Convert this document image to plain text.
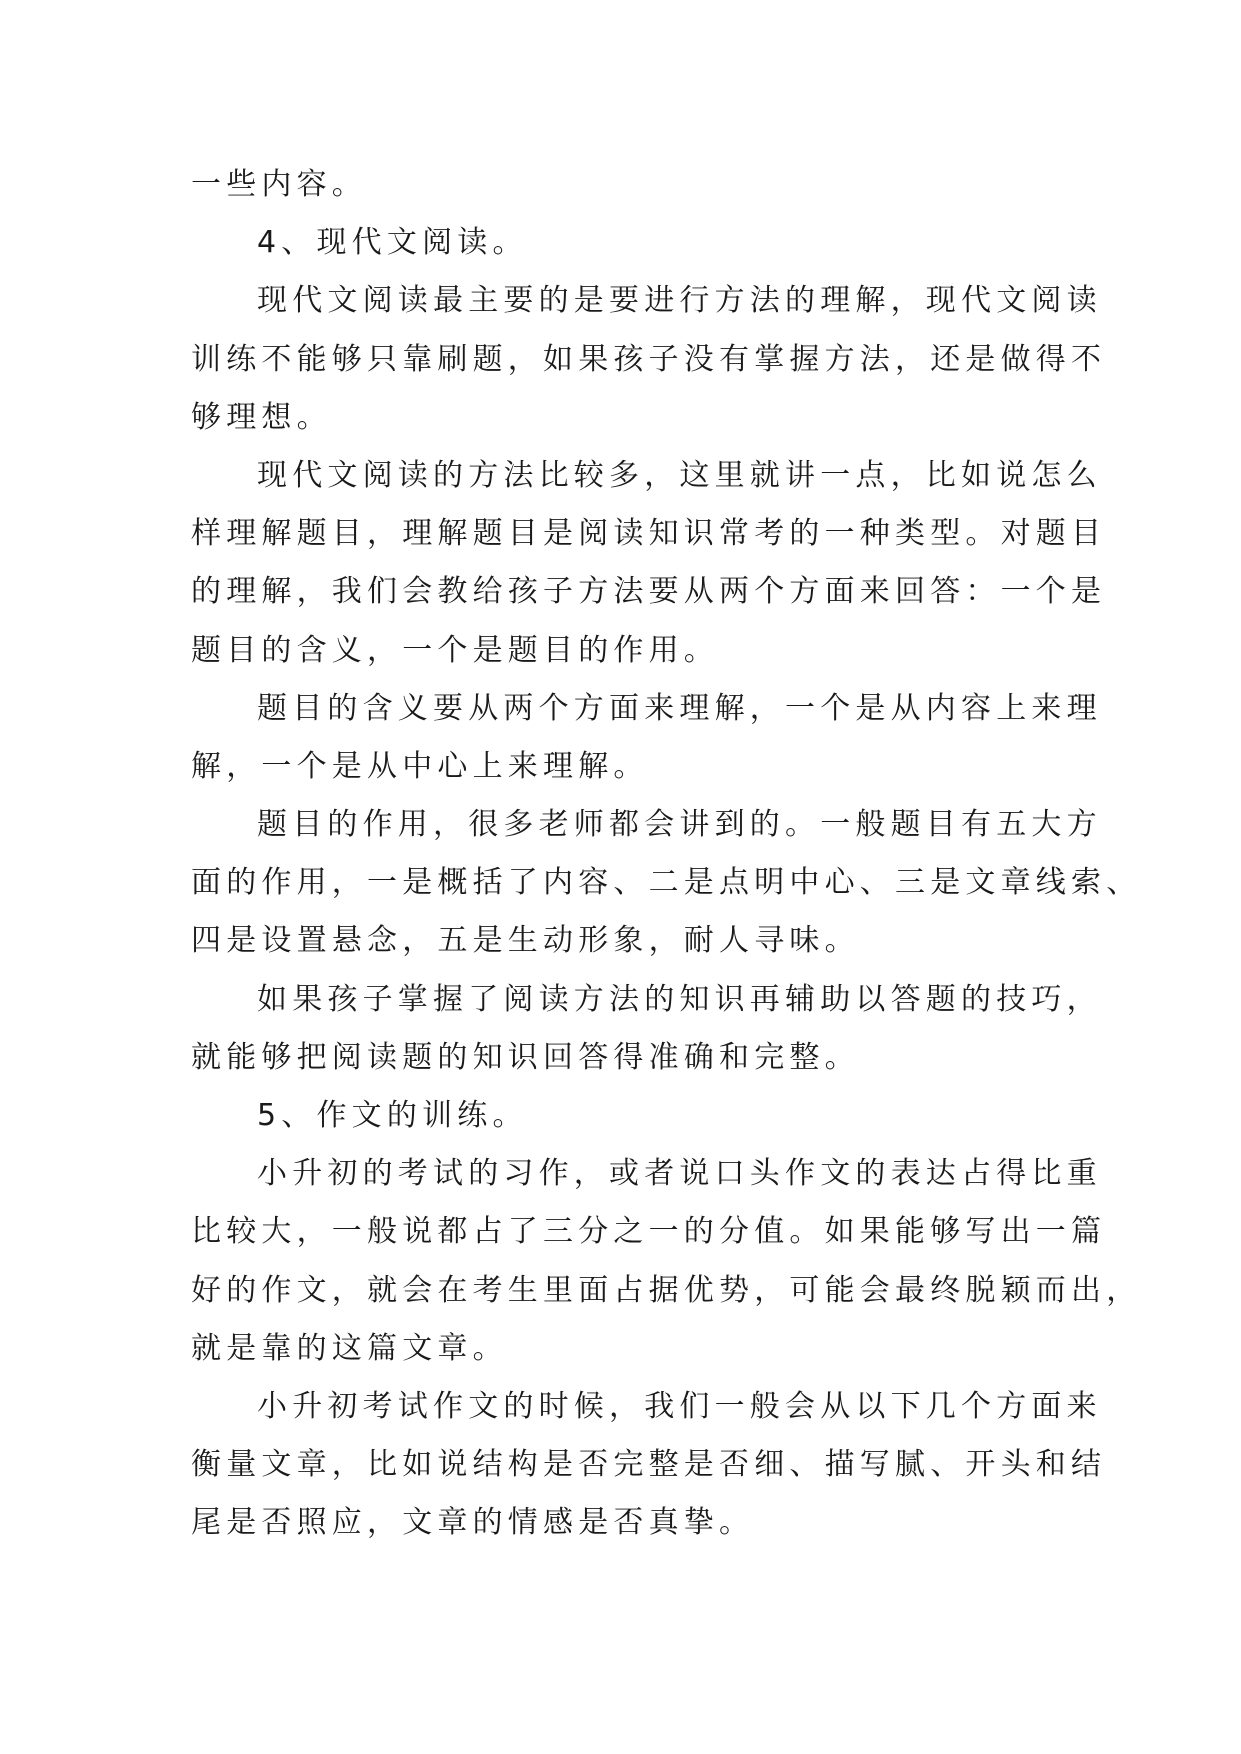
一些内容。
4、现代文阅读。
现代文阅读最主要的是要进行方法的理解，现代文阅读
训练不能够只靠刷题，如果孩子没有掌握方法，还是做得不
够理想。
现代文阅读的方法比较多，这里就讲一点，比如说怎么
样理解题目，理解题目是阅读知识常考的一种类型。对题目
的理解，我们会教给孩子方法要从两个方面来回答：一个是
题目的含义，一个是题目的作用。
题目的含义要从两个方面来理解，一个是从内容上来理
解，一个是从中心上来理解。
题目的作用，很多老师都会讲到的。一般题目有五大方
面的作用，一是概括了内容、二是点明中心、三是文章线索、
四是设置悬念，五是生动形象，耐人寻味。
如果孩子掌握了阅读方法的知识再辅助以答题的技巧，
就能够把阅读题的知识回答得准确和完整。
5、作文的训练。
小升初的考试的习作，或者说口头作文的表达占得比重
比较大，一般说都占了三分之一的分值。如果能够写出一篇
好的作文，就会在考生里面占据优势，可能会最终脱颖而出，
就是靠的这篇文章。
小升初考试作文的时候，我们一般会从以下几个方面来
衡量文章，比如说结构是否完整是否细、描写腻、开头和结
尾是否照应，文章的情感是否真挚。
